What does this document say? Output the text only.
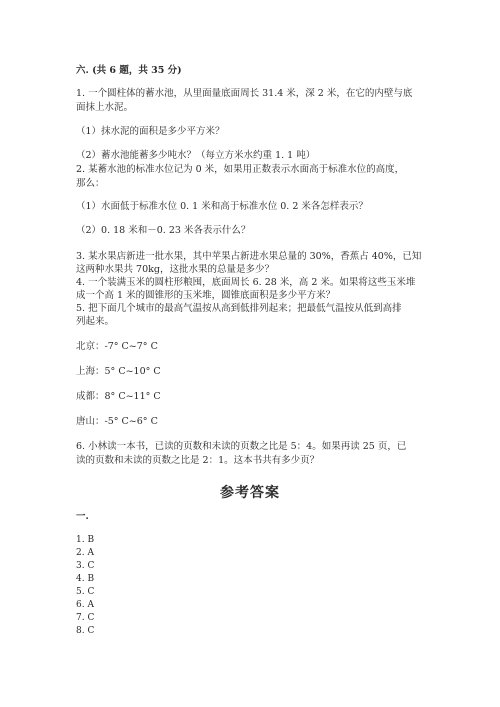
六. (共 6 题，共 35 分)
1. 一个圆柱体的蓄水池，从里面量底面周长 31.4 米，深 2 米，在它的内壁与底
面抹上水泥。
（1）抹水泥的面积是多少平方米？
（2）蓄水池能蓄多少吨水？（每立方米水约重 1. 1 吨）
2. 某蓄水池的标准水位记为 0 米，如果用正数表示水面高于标准水位的高度，
那么：
（1）水面低于标准水位 0. 1 米和高于标准水位 0. 2 米各怎样表示？
（2）0. 18 米和－0. 23 米各表示什么？
3. 某水果店新进一批水果，其中苹果占新进水果总量的 30%，香蕉占 40%，已知
这两种水果共 70kg，这批水果的总量是多少？
4. 一个装满玉米的圆柱形粮囤，底面周长 6. 28 米，高 2 米。如果将这些玉米堆
成一个高 1 米的圆锥形的玉米堆，圆锥底面积是多少平方米？
5. 把下面几个城市的最高气温按从高到低排列起来；把最低气温按从低到高排
列起来。
北京：-7° C~7° C
上海：5° C~10° C
成都：8° C~11° C
唐山：-5° C~6° C
6. 小林读一本书，已读的页数和未读的页数之比是 5：4。如果再读 25 页，已
读的页数和未读的页数之比是 2：1。这本书共有多少页？
参考答案
一.
1. B
2. A
3. C
4. B
5. C
6. A
7. C
8. C
